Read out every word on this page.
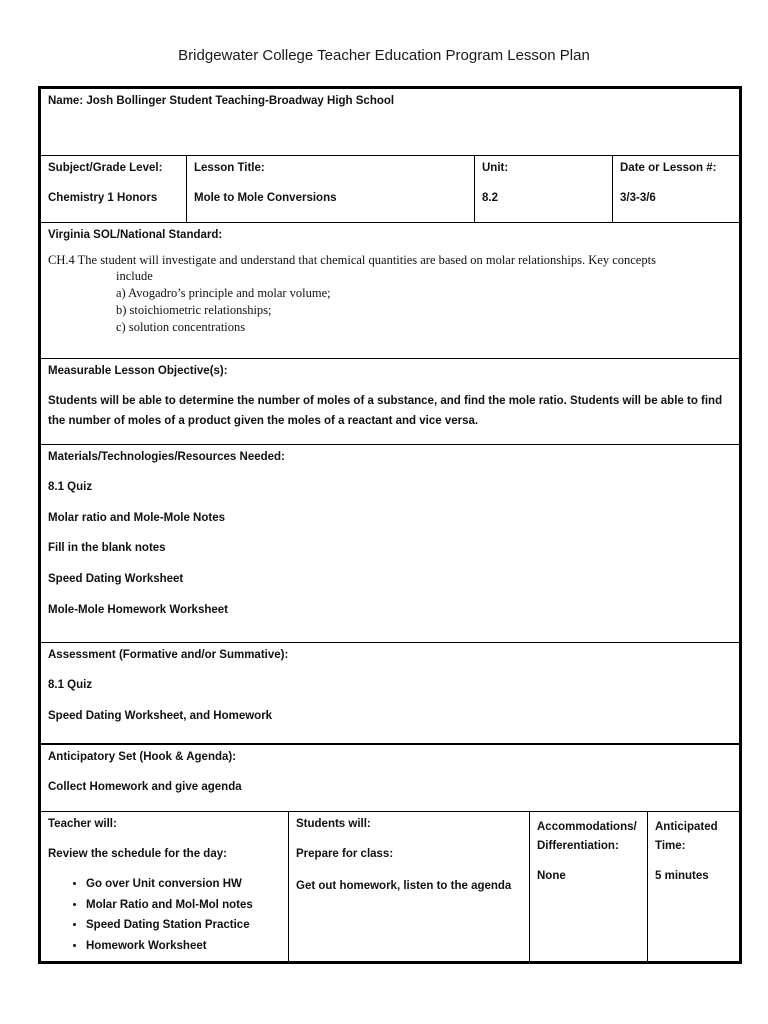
Bridgewater College Teacher Education Program Lesson Plan
Name: Josh Bollinger Student Teaching-Broadway High School
Subject/Grade Level:
Chemistry 1 Honors
Lesson Title:
Mole to Mole Conversions
Unit:
8.2
Date or Lesson #:
3/3-3/6
Virginia SOL/National Standard:
CH.4 The student will investigate and understand that chemical quantities are based on molar relationships. Key concepts
include
a) Avogadro’s principle and molar volume;
b) stoichiometric relationships;
c) solution concentrations
Measurable Lesson Objective(s):
Students will be able to determine the number of moles of a substance, and find the mole ratio. Students will be able to find the number of moles of a product given the moles of a reactant and vice versa.
Materials/Technologies/Resources Needed:
8.1 Quiz
Molar ratio and Mole-Mole Notes
Fill in the blank notes
Speed Dating Worksheet
Mole-Mole Homework Worksheet
Assessment (Formative and/or Summative):
8.1 Quiz
Speed Dating Worksheet, and Homework
Anticipatory Set (Hook & Agenda):
Collect Homework and give agenda
Teacher will:
Review the schedule for the day:
• Go over Unit conversion HW
• Molar Ratio and Mol-Mol notes
• Speed Dating Station Practice
• Homework Worksheet
Students will:
Prepare for class:
Get out homework, listen to the agenda
Accommodations/ Differentiation:
None
Anticipated Time:
5 minutes
